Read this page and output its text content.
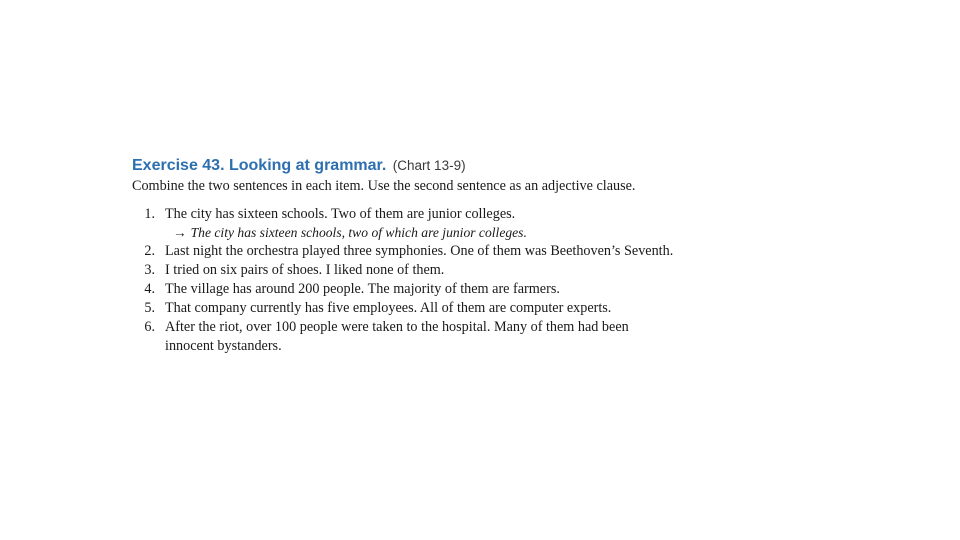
Exercise 43. Looking at grammar. (Chart 13-9)
Combine the two sentences in each item. Use the second sentence as an adjective clause.
1. The city has sixteen schools. Two of them are junior colleges.
→ The city has sixteen schools, two of which are junior colleges.
2. Last night the orchestra played three symphonies. One of them was Beethoven’s Seventh.
3. I tried on six pairs of shoes. I liked none of them.
4. The village has around 200 people. The majority of them are farmers.
5. That company currently has five employees. All of them are computer experts.
6. After the riot, over 100 people were taken to the hospital. Many of them had been
innocent bystanders.
